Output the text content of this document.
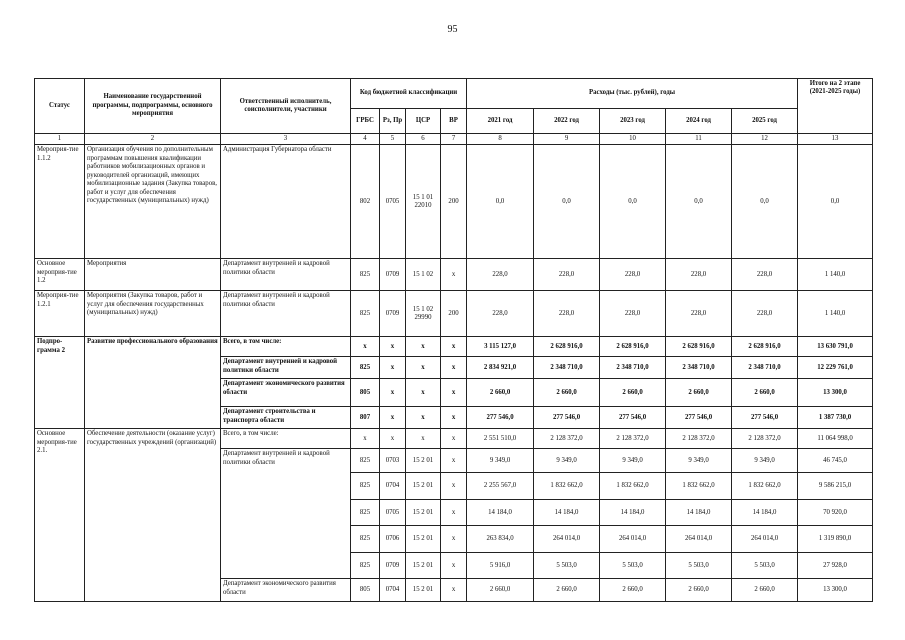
95
Статус	Наименование государственной программы, подпрограммы, основного мероприятия	Ответственный исполнитель, соисполнители, участники	Код бюджетной классификации				Расходы (тыс. рублей), годы					Итого на 2 этапе (2021-2025 годы)
			ГРБС	Рз, Пр	ЦСР	ВР	2021 год	2022 год	2023 год	2024 год	2025 год	
1	2	3	4	5	6	7	8	9	10	11	12	13
Мероприя-тие 1.1.2	Организация обучения по дополнительным программам повышения квалификации работников мобилизационных органов и руководителей организаций, имеющих мобилизационные задания (Закупка товаров, работ и услуг для обеспечения государственных (муниципальных) нужд)	Администрация Губернатора области	802	0705	15 1 01 22010	200	0,0	0,0	0,0	0,0	0,0	0,0
Основное мероприя-тие 1.2	Мероприятия	Департамент внутренней и кадровой политики области	825	0709	15 1 02	х	228,0	228,0	228,0	228,0	228,0	1 140,0
Мероприя-тие 1.2.1	Мероприятия (Закупка товаров, работ и услуг для обеспечения государственных (муниципальных) нужд)	Департамент внутренней и кадровой политики области	825	0709	15 1 02 29990	200	228,0	228,0	228,0	228,0	228,0	1 140,0
Подпро-грамма 2	Развитие профессионального образования	Всего, в том числе:	х	х	х	х	3 115 127,0	2 628 916,0	2 628 916,0	2 628 916,0	2 628 916,0	13 630 791,0
		Департамент внутренней и кадровой политики области	825	х	х	х	2 834 921,0	2 348 710,0	2 348 710,0	2 348 710,0	2 348 710,0	12 229 761,0
		Департамент экономического развития области	805	х	х	х	2 660,0	2 660,0	2 660,0	2 660,0	2 660,0	13 300,0
		Департамент строительства и транспорта области	807	х	х	х	277 546,0	277 546,0	277 546,0	277 546,0	277 546,0	1 387 730,0
Основное мероприя-тие 2.1.	Обеспечение деятельности (оказание услуг) государственных учреждений (организаций)	Всего, в том числе:	х	х	х	х	2 551 510,0	2 128 372,0	2 128 372,0	2 128 372,0	2 128 372,0	11 064 998,0
		Департамент внутренней и кадровой политики области	825	0703	15 2 01	х	9 349,0	9 349,0	9 349,0	9 349,0	9 349,0	46 745,0
			825	0704	15 2 01	х	2 255 567,0	1 832 662,0	1 832 662,0	1 832 662,0	1 832 662,0	9 586 215,0
			825	0705	15 2 01	х	14 184,0	14 184,0	14 184,0	14 184,0	14 184,0	70 920,0
			825	0706	15 2 01	х	263 834,0	264 014,0	264 014,0	264 014,0	264 014,0	1 319 890,0
			825	0709	15 2 01	х	5 916,0	5 503,0	5 503,0	5 503,0	5 503,0	27 928,0
		Департамент экономического развития области	805	0704	15 2 01	х	2 660,0	2 660,0	2 660,0	2 660,0	2 660,0	13 300,0
